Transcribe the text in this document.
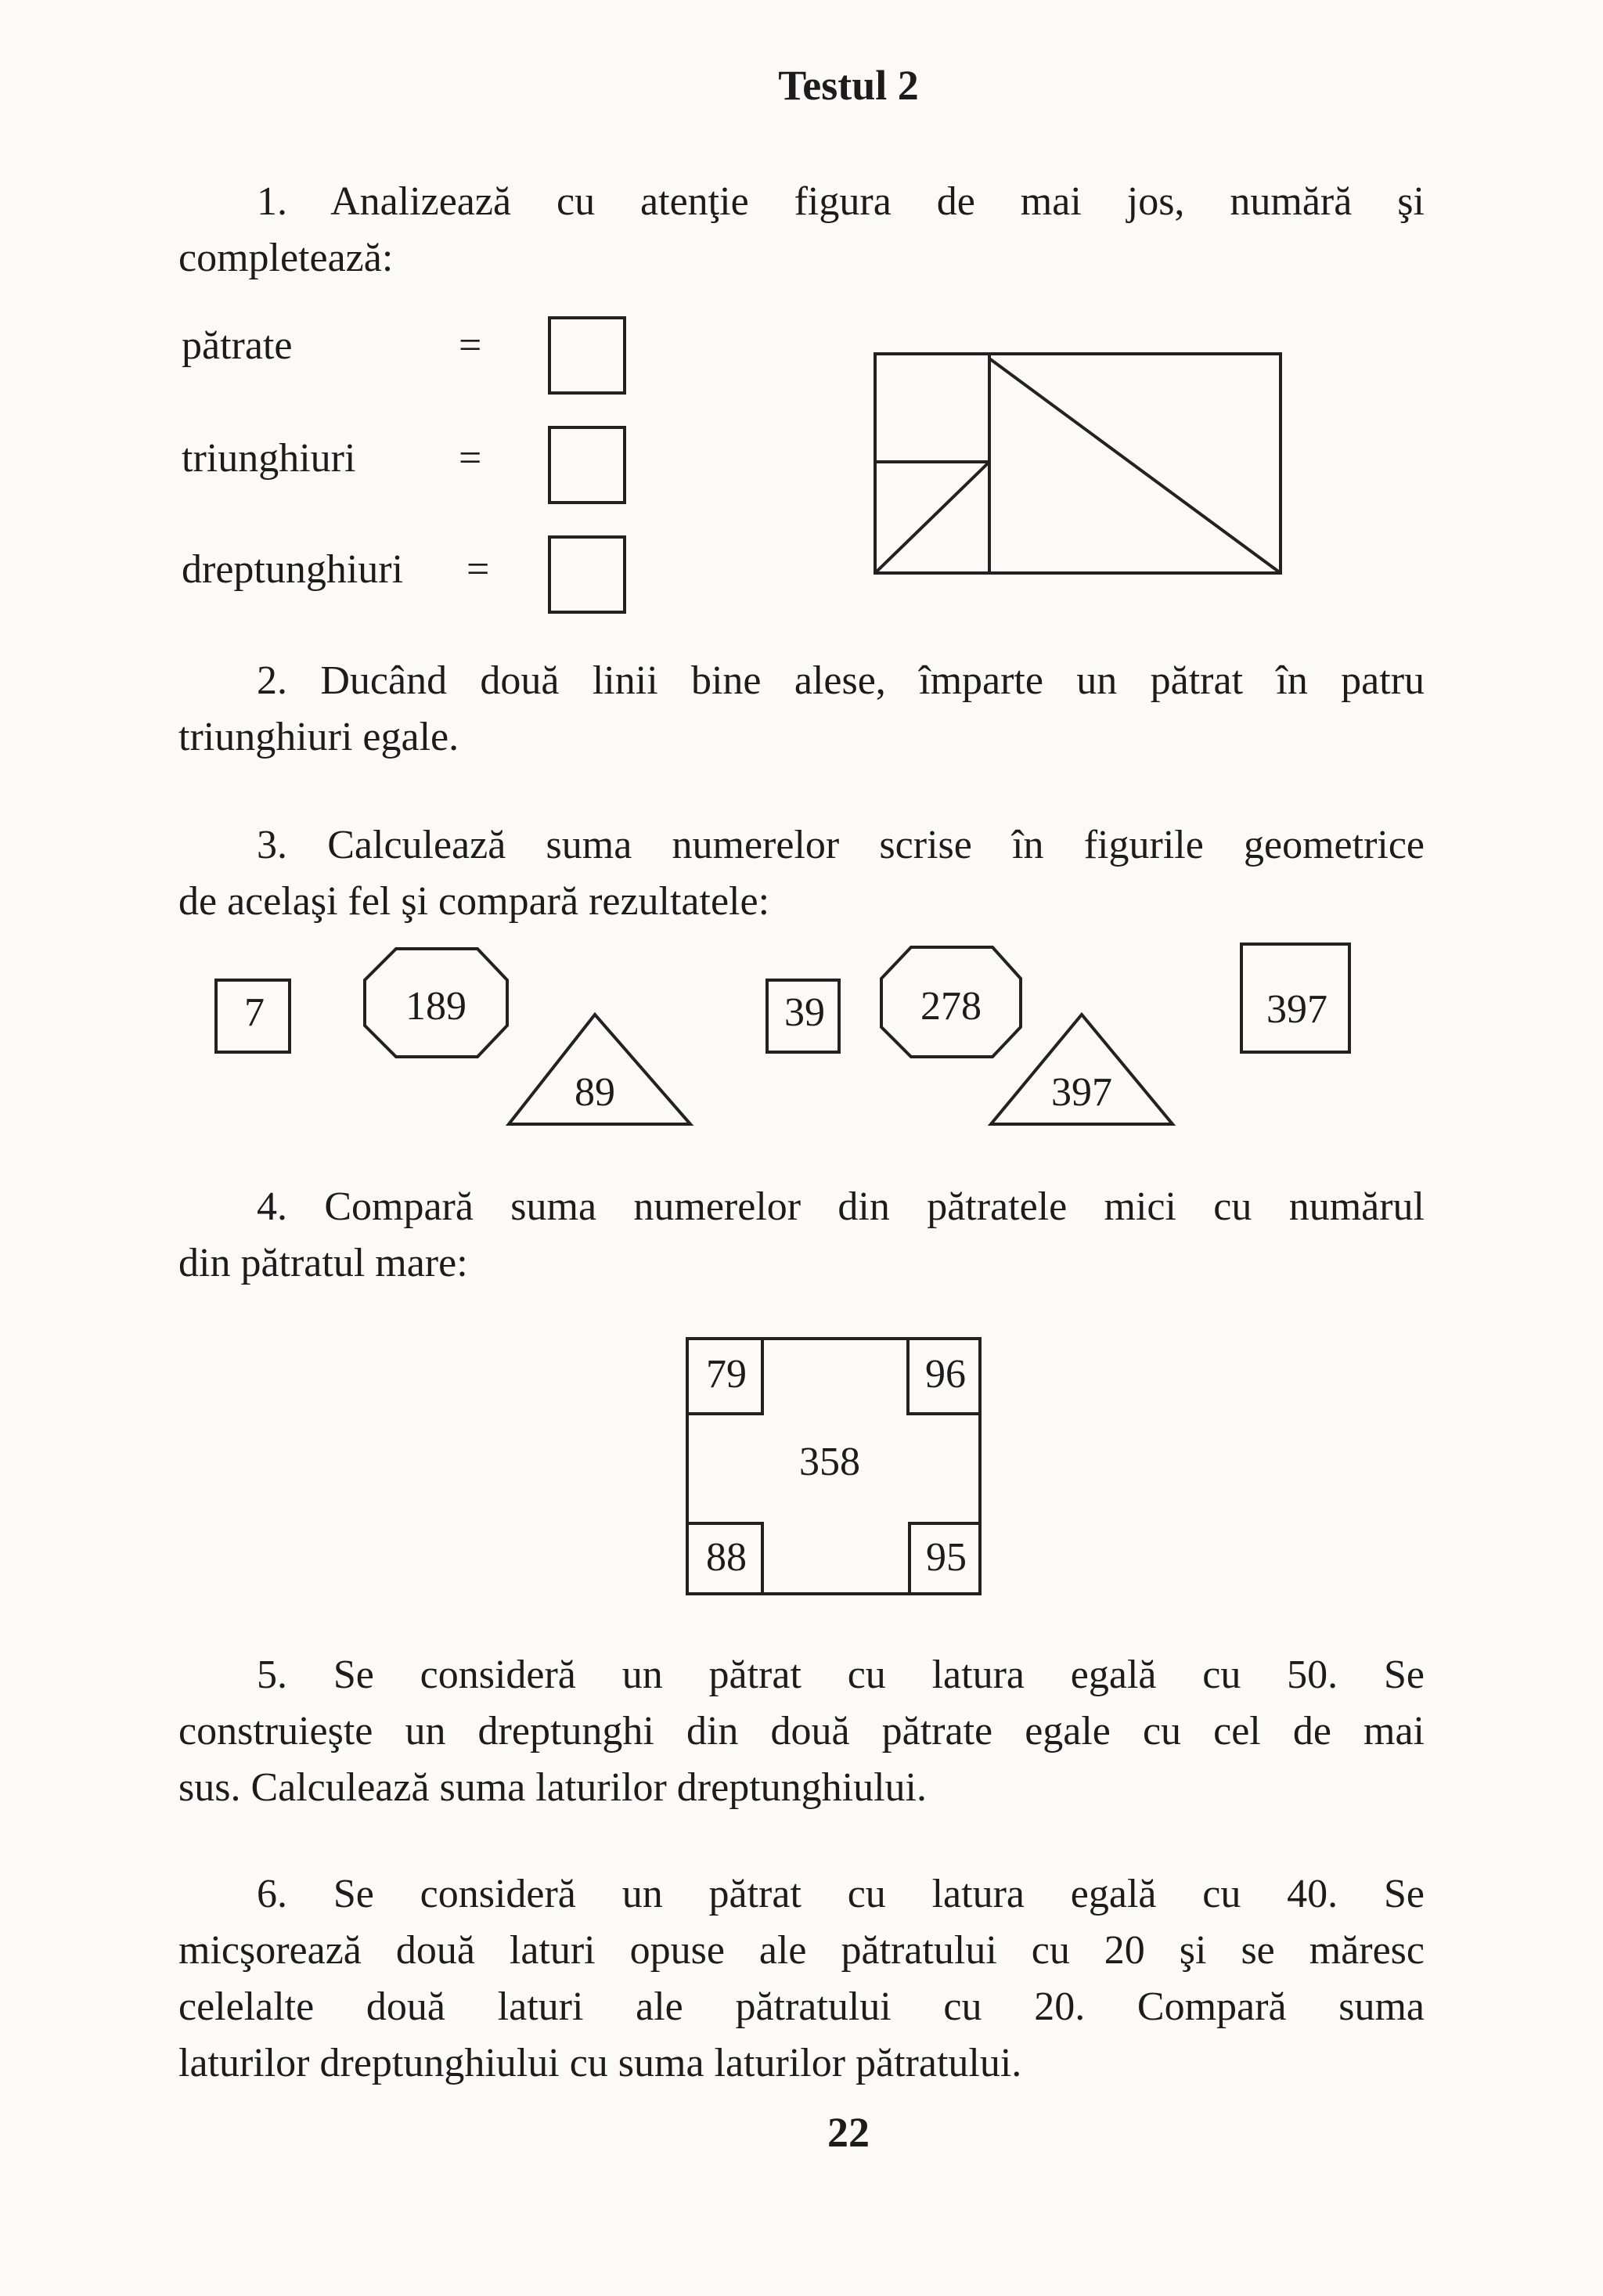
Testul 2
1. Analizează cu atenţie figura de mai jos, numără şi
completează:
pătrate	=
triunghiuri	=
dreptunghiuri =
2. Ducând două linii bine alese, împarte un pătrat în patru
triunghiuri egale.
3. Calculează suma numerelor scrise în figurile geometrice
de acelaşi fel şi compară rezultatele:
7	189
89
39	278
397
397
4. Compară suma numerelor din pătratele mici cu numărul
din pătratul mare:
79	96
358
88	95
5. Se consideră un pătrat cu latura egală cu 50. Se
construieşte un dreptunghi din două pătrate egale cu cel de mai
sus. Calculează suma laturilor dreptunghiului.
6. Se consideră un pătrat cu latura egală cu 40. Se
micşorează două laturi opuse ale pătratului cu 20 şi se măresc
celelalte două laturi ale pătratului cu 20. Compară suma
laturilor dreptunghiului cu suma laturilor pătratului.
22
